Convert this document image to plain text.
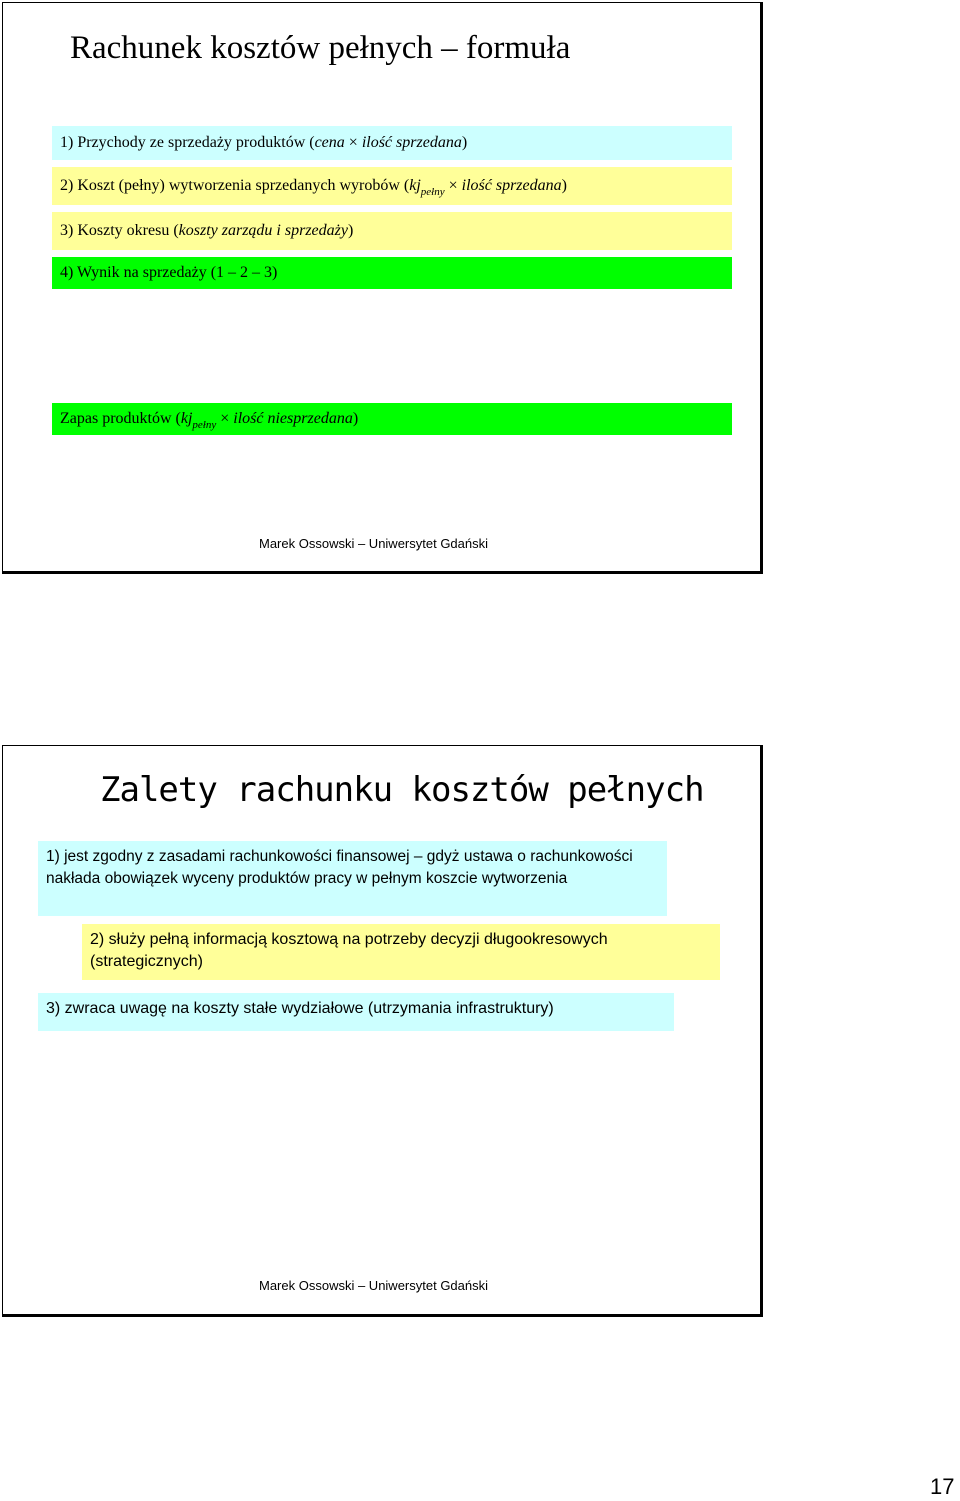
Rachunek kosztów pełnych – formuła
1) Przychody ze sprzedaży produktów ( cena
×
ilość sprzedana )
2) Koszt (pełny) wytworzenia sprzedanych wyrobów ( kj pełny
×
ilość sprzedana )
3) Koszty okresu ( koszty zarządu i sprzedaży )
4) Wynik na sprzedaży (1 – 2 – 3)
Zapas produktów ( kj pełny
×
ilość niesprzedana )
Marek Ossowski – Uniwersytet Gdański
Zalety rachunku kosztów pełnych
1) jest zgodny z zasadami rachunkowości finansowej – gdyż ustawa o rachunkowości nakłada obowiązek wyceny produktów pracy w pełnym koszcie wytworzenia
2) służy pełną informacją kosztową na potrzeby decyzji długookresowych (strategicznych)
3) zwraca uwagę na koszty stałe wydziałowe (utrzymania infrastruktury)
Marek Ossowski – Uniwersytet Gdański
17
